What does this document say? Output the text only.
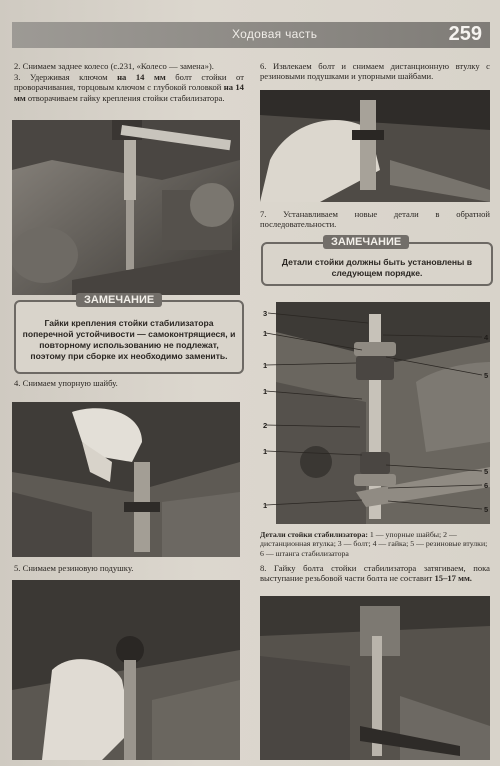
Ходовая часть	259
2. Снимаем заднее колесо (с.231, «Колесо — замена»).
3. Удерживая ключом на 14 мм болт стойки от проворачивания, торцовым ключом с глубокой головкой на 14 мм отворачиваем гайку крепления стойки стабилизатора.
ЗАМЕЧАНИЕ
Гайки крепления стойки стабилизатора поперечной устойчивости — самоконтрящиеся, и повторному использованию не подлежат, поэтому при сборке их необходимо заменить.
4. Снимаем упорную шайбу.
5. Снимаем резиновую подушку.
6. Извлекаем болт и снимаем дистанционную втулку с резиновыми подушками и упорными шайбами.
7. Устанавливаем новые детали в обратной последовательности.
ЗАМЕЧАНИЕ
Детали стойки должны быть установлены в следующем порядке.
3
1	4
1
5
1
2
1
5
6
1	5
Детали стойки стабилизатора: 1 — упорные шайбы; 2 — дистанционная втулка; 3 — болт; 4 — гайка; 5 — резиновые втулки; 6 — штанга стабилизатора
8. Гайку болта стойки стабилизатора затягиваем, пока выступание резьбовой части болта не составит 15–17 мм.
